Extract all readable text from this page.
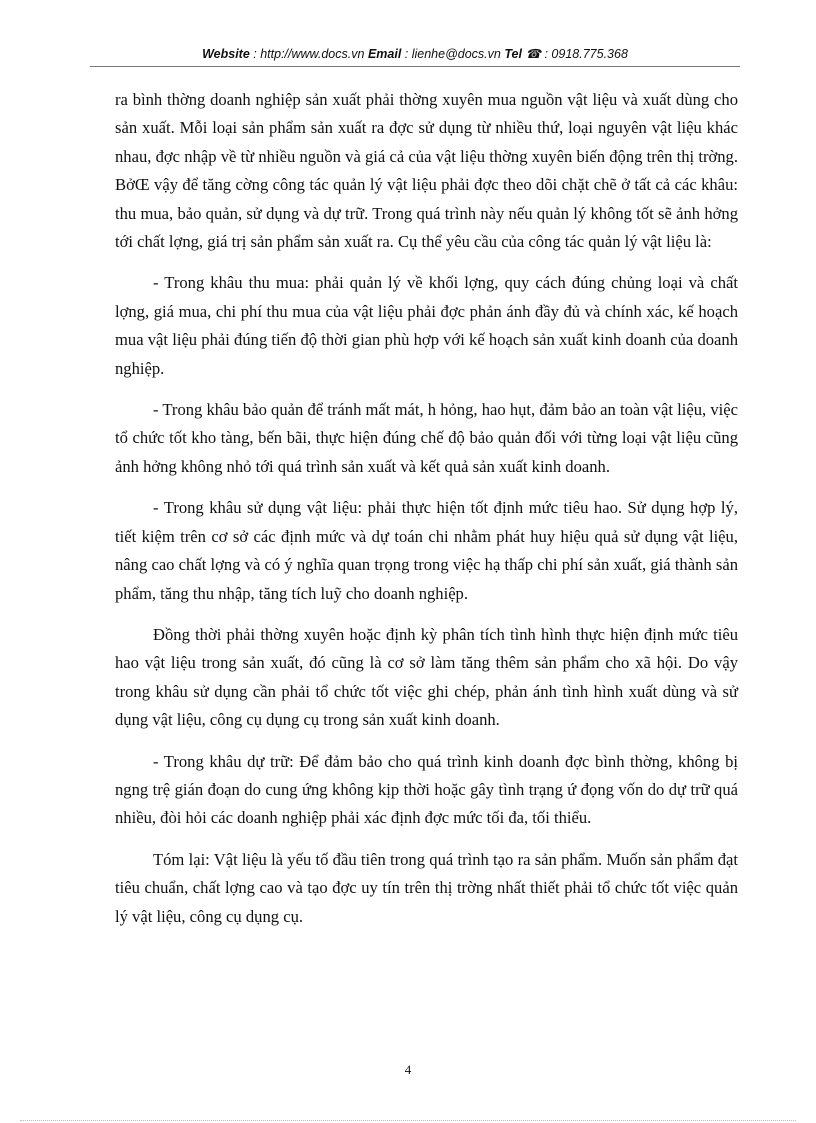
Website : http://www.docs.vn Email : lienhe@docs.vn Tel ☎ : 0918.775.368

ra bình thờng doanh nghiệp sản xuất phải thờng xuyên mua nguồn vật liệu và xuất dùng cho sản xuất. Mỗi loại sản phẩm sản xuất ra đợc sử dụng từ nhiều thứ, loại nguyên vật liệu khác nhau, đợc nhập về từ nhiều nguồn và giá cả của vật liệu thờng xuyên biến động trên thị trờng. BởŒ vậy để tăng cờng công tác quản lý vật liệu phải đợc theo dõi chặt chẽ ở tất cả các khâu: thu mua, bảo quản, sử dụng và dự trữ. Trong quá trình này nếu quản lý không tốt sẽ ảnh hởng tới chất lợng, giá trị sản phẩm sản xuất ra. Cụ thể yêu cầu của công tác quản lý vật liệu là:

- Trong khâu thu mua: phải quản lý về khối lợng, quy cách đúng chủng loại và chất lợng, giá mua, chi phí thu mua của vật liệu phải đợc phản ánh đầy đủ và chính xác, kế hoạch mua vật liệu phải đúng tiến độ thời gian phù hợp với kế hoạch sản xuất kinh doanh của doanh nghiệp.

- Trong khâu bảo quản để tránh mất mát, h hỏng, hao hụt, đảm bảo an toàn vật liệu, việc tổ chức tốt kho tàng, bến bãi, thực hiện đúng chế độ bảo quản đối với từng loại vật liệu cũng ảnh hởng không nhỏ tới quá trình sản xuất và kết quả sản xuất kinh doanh.

- Trong khâu sử dụng vật liệu: phải thực hiện tốt định mức tiêu hao. Sử dụng hợp lý, tiết kiệm trên cơ sở các định mức và dự toán chi nhằm phát huy hiệu quả sử dụng vật liệu, nâng cao chất lợng và có ý nghĩa quan trọng trong việc hạ thấp chi phí sản xuất, giá thành sản phẩm, tăng thu nhập, tăng tích luỹ cho doanh nghiệp.

Đồng thời phải thờng xuyên hoặc định kỳ phân tích tình hình thực hiện định mức tiêu hao vật liệu trong sản xuất, đó cũng là cơ sở làm tăng thêm sản phẩm cho xã hội. Do vậy trong khâu sử dụng cần phải tổ chức tốt việc ghi chép, phản ánh tình hình xuất dùng và sử dụng vật liệu, công cụ dụng cụ trong sản xuất kinh doanh.

- Trong khâu dự trữ: Để đảm bảo cho quá trình kinh doanh đợc bình thờng, không bị ngng trệ gián đoạn do cung ứng không kịp thời hoặc gây tình trạng ứ đọng vốn do dự trữ quá nhiều, đòi hỏi các doanh nghiệp phải xác định đợc mức tối đa, tối thiểu.

Tóm lại: Vật liệu là yếu tố đầu tiên trong quá trình tạo ra sản phẩm. Muốn sản phẩm đạt tiêu chuẩn, chất lợng cao và tạo đợc uy tín trên thị trờng nhất thiết phải tổ chức tốt việc quản lý vật liệu, công cụ dụng cụ.

4
